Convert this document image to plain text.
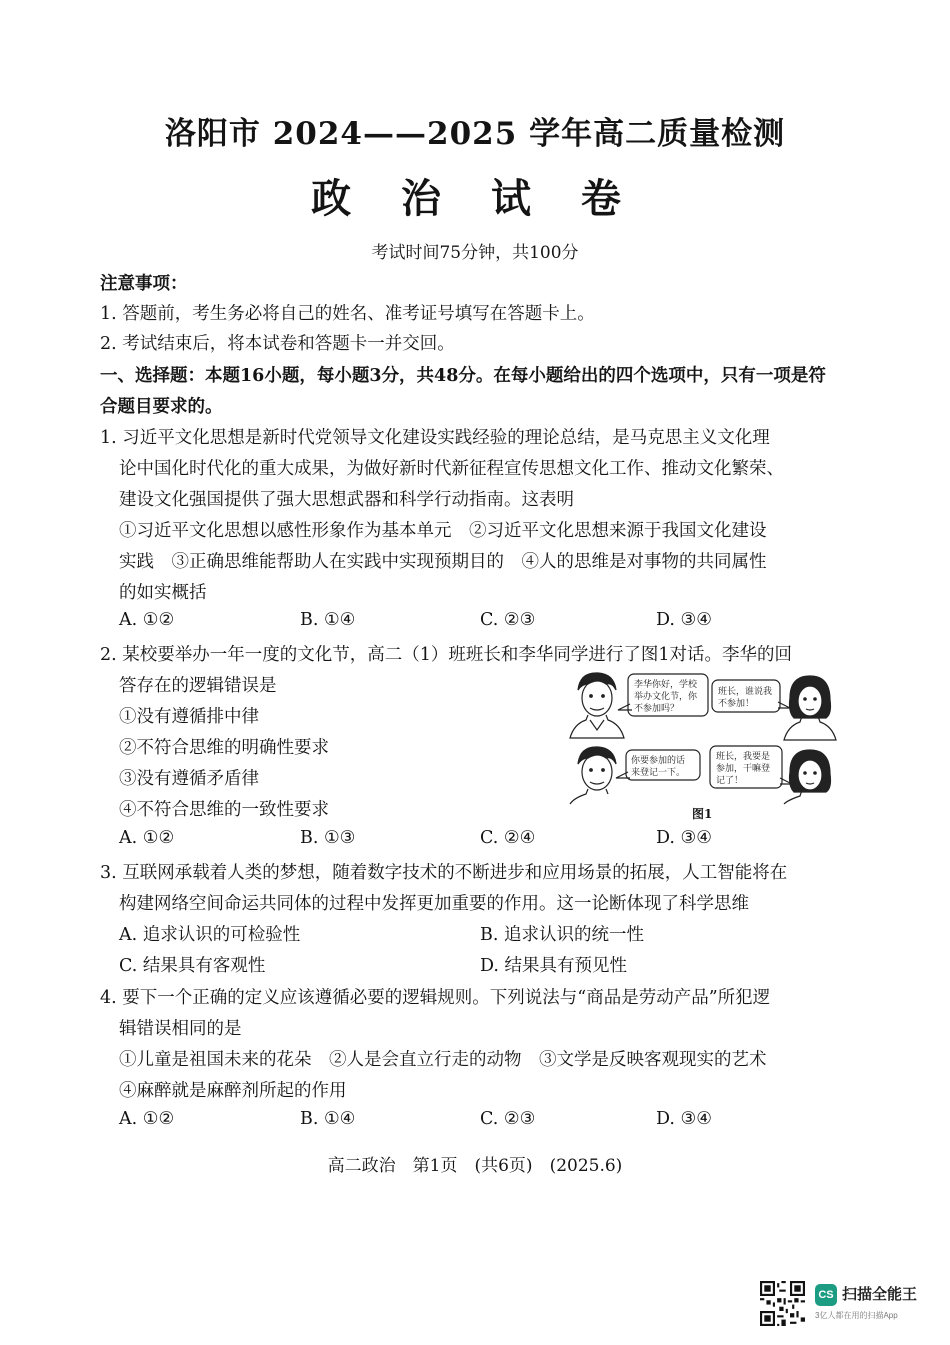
洛阳市 2024——2025 学年高二质量检测
政 治 试 卷
考试时间75分钟，共100分
注意事项：
1. 答题前，考生务必将自己的姓名、准考证号填写在答题卡上。
2. 考试结束后，将本试卷和答题卡一并交回。
一、选择题：本题16小题，每小题3分，共48分。在每小题给出的四个选项中，只有一项是符
合题目要求的。
1. 习近平文化思想是新时代党领导文化建设实践经验的理论总结，是马克思主义文化理
论中国化时代化的重大成果，为做好新时代新征程宣传思想文化工作、推动文化繁荣、
建设文化强国提供了强大思想武器和科学行动指南。这表明
①习近平文化思想以感性形象作为基本单元　②习近平文化思想来源于我国文化建设
实践　③正确思维能帮助人在实践中实现预期目的　④人的思维是对事物的共同属性
的如实概括
A. ①②	B. ①④	C. ②③	D. ③④
2. 某校要举办一年一度的文化节，高二（1）班班长和李华同学进行了图1对话。李华的回
答存在的逻辑错误是
①没有遵循排中律
②不符合思维的明确性要求
③没有遵循矛盾律
④不符合思维的一致性要求
A. ①②	B. ①③	C. ②④	D. ③④
李华你好，学校
举办文化节，你
不参加吗？
班长，谁说我
不参加！
你要参加的话
来登记一下。
班长，我要是
参加，干嘛登
记了！
图1
3. 互联网承载着人类的梦想，随着数字技术的不断进步和应用场景的拓展，人工智能将在
构建网络空间命运共同体的过程中发挥更加重要的作用。这一论断体现了科学思维
A. 追求认识的可检验性	B. 追求认识的统一性
C. 结果具有客观性	D. 结果具有预见性
4. 要下一个正确的定义应该遵循必要的逻辑规则。下列说法与“商品是劳动产品”所犯逻
辑错误相同的是
①儿童是祖国未来的花朵　②人是会直立行走的动物　③文学是反映客观现实的艺术
④麻醉就是麻醉剂所起的作用
A. ①②	B. ①④	C. ②③	D. ③④
高二政治　第1页　(共6页)　(2025.6)
CS 扫描全能王
3亿人都在用的扫描App
